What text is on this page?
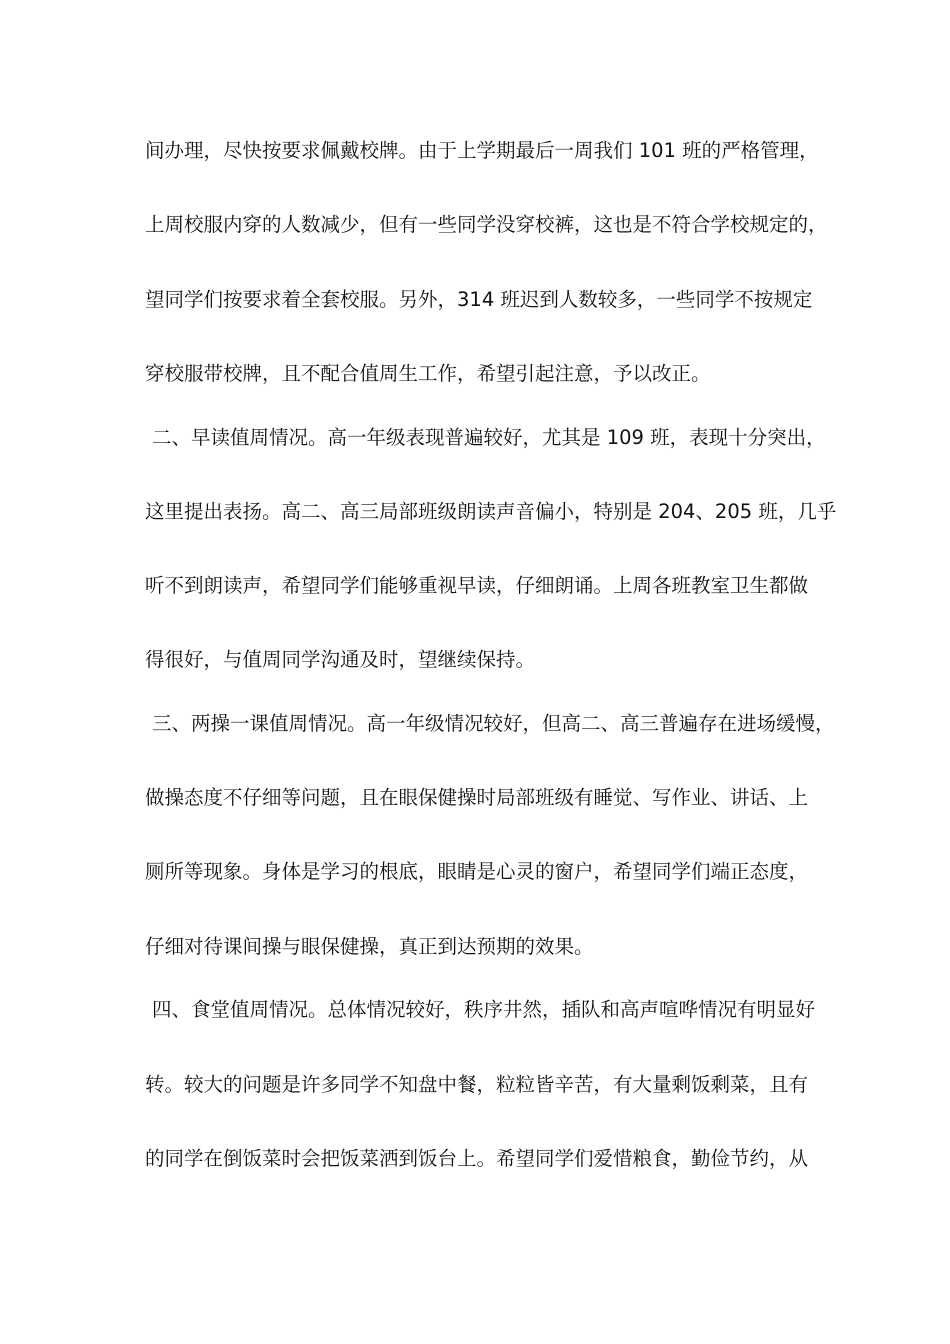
间办理，尽快按要求佩戴校牌。由于上学期最后一周我们 101 班的严格管理，
上周校服内穿的人数减少，但有一些同学没穿校裤，这也是不符合学校规定的，
望同学们按要求着全套校服。另外，314 班迟到人数较多，一些同学不按规定
穿校服带校牌，且不配合值周生工作，希望引起注意，予以改正。
二、早读值周情况。高一年级表现普遍较好，尤其是 109 班，表现十分突出，
这里提出表扬。高二、高三局部班级朗读声音偏小，特别是 204、205 班，几乎
听不到朗读声，希望同学们能够重视早读，仔细朗诵。上周各班教室卫生都做
得很好，与值周同学沟通及时，望继续保持。
三、两操一课值周情况。高一年级情况较好，但高二、高三普遍存在进场缓慢，
做操态度不仔细等问题，且在眼保健操时局部班级有睡觉、写作业、讲话、上
厕所等现象。身体是学习的根底，眼睛是心灵的窗户，希望同学们端正态度，
仔细对待课间操与眼保健操，真正到达预期的效果。
四、食堂值周情况。总体情况较好，秩序井然，插队和高声喧哗情况有明显好
转。较大的问题是许多同学不知盘中餐，粒粒皆辛苦，有大量剩饭剩菜，且有
的同学在倒饭菜时会把饭菜洒到饭台上。希望同学们爱惜粮食，勤俭节约，从
